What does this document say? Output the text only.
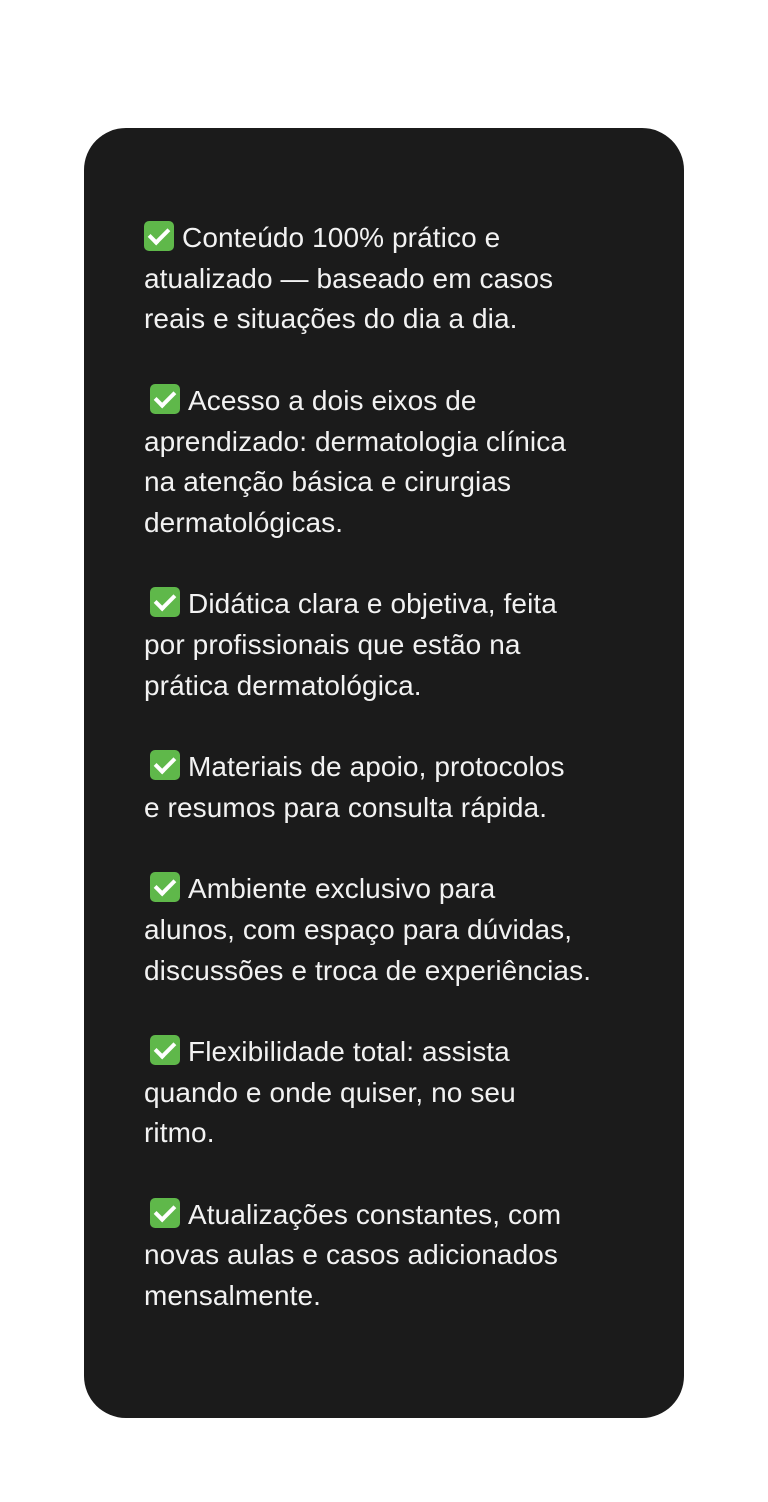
Conteúdo 100% prático e
atualizado — baseado em casos
reais e situações do dia a dia.

Acesso a dois eixos de
aprendizado: dermatologia clínica
na atenção básica e cirurgias
dermatológicas.

Didática clara e objetiva, feita
por profissionais que estão na
prática dermatológica.

Materiais de apoio, protocolos
e resumos para consulta rápida.

Ambiente exclusivo para
alunos, com espaço para dúvidas,
discussões e troca de experiências.

Flexibilidade total: assista
quando e onde quiser, no seu
ritmo.

Atualizações constantes, com
novas aulas e casos adicionados
mensalmente.
